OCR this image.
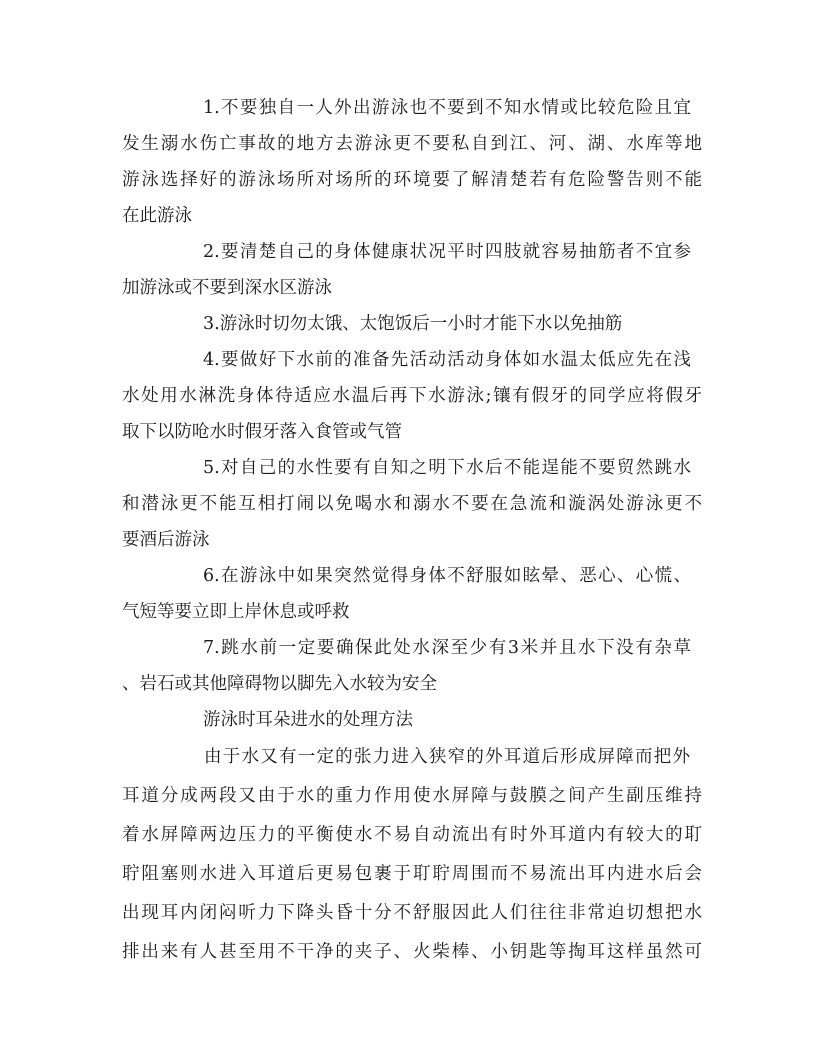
1.不要独自一人外出游泳也不要到不知水情或比较危险且宜
发生溺水伤亡事故的地方去游泳更不要私自到江、河、湖、水库等地
游泳选择好的游泳场所对场所的环境要了解清楚若有危险警告则不能
在此游泳
2.要清楚自己的身体健康状况平时四肢就容易抽筋者不宜参
加游泳或不要到深水区游泳
3.游泳时切勿太饿、太饱饭后一小时才能下水以免抽筋
4.要做好下水前的准备先活动活动身体如水温太低应先在浅
水处用水淋洗身体待适应水温后再下水游泳;镶有假牙的同学应将假牙
取下以防呛水时假牙落入食管或气管
5.对自己的水性要有自知之明下水后不能逞能不要贸然跳水
和潜泳更不能互相打闹以免喝水和溺水不要在急流和漩涡处游泳更不
要酒后游泳
6.在游泳中如果突然觉得身体不舒服如眩晕、恶心、心慌、
气短等要立即上岸休息或呼救
7.跳水前一定要确保此处水深至少有3米并且水下没有杂草
、岩石或其他障碍物以脚先入水较为安全
游泳时耳朵进水的处理方法
由于水又有一定的张力进入狭窄的外耳道后形成屏障而把外
耳道分成两段又由于水的重力作用使水屏障与鼓膜之间产生副压维持
着水屏障两边压力的平衡使水不易自动流出有时外耳道内有较大的耵
聍阻塞则水进入耳道后更易包裹于耵聍周围而不易流出耳内进水后会
出现耳内闭闷听力下降头昏十分不舒服因此人们往往非常迫切想把水
排出来有人甚至用不干净的夹子、火柴棒、小钥匙等掏耳这样虽然可
